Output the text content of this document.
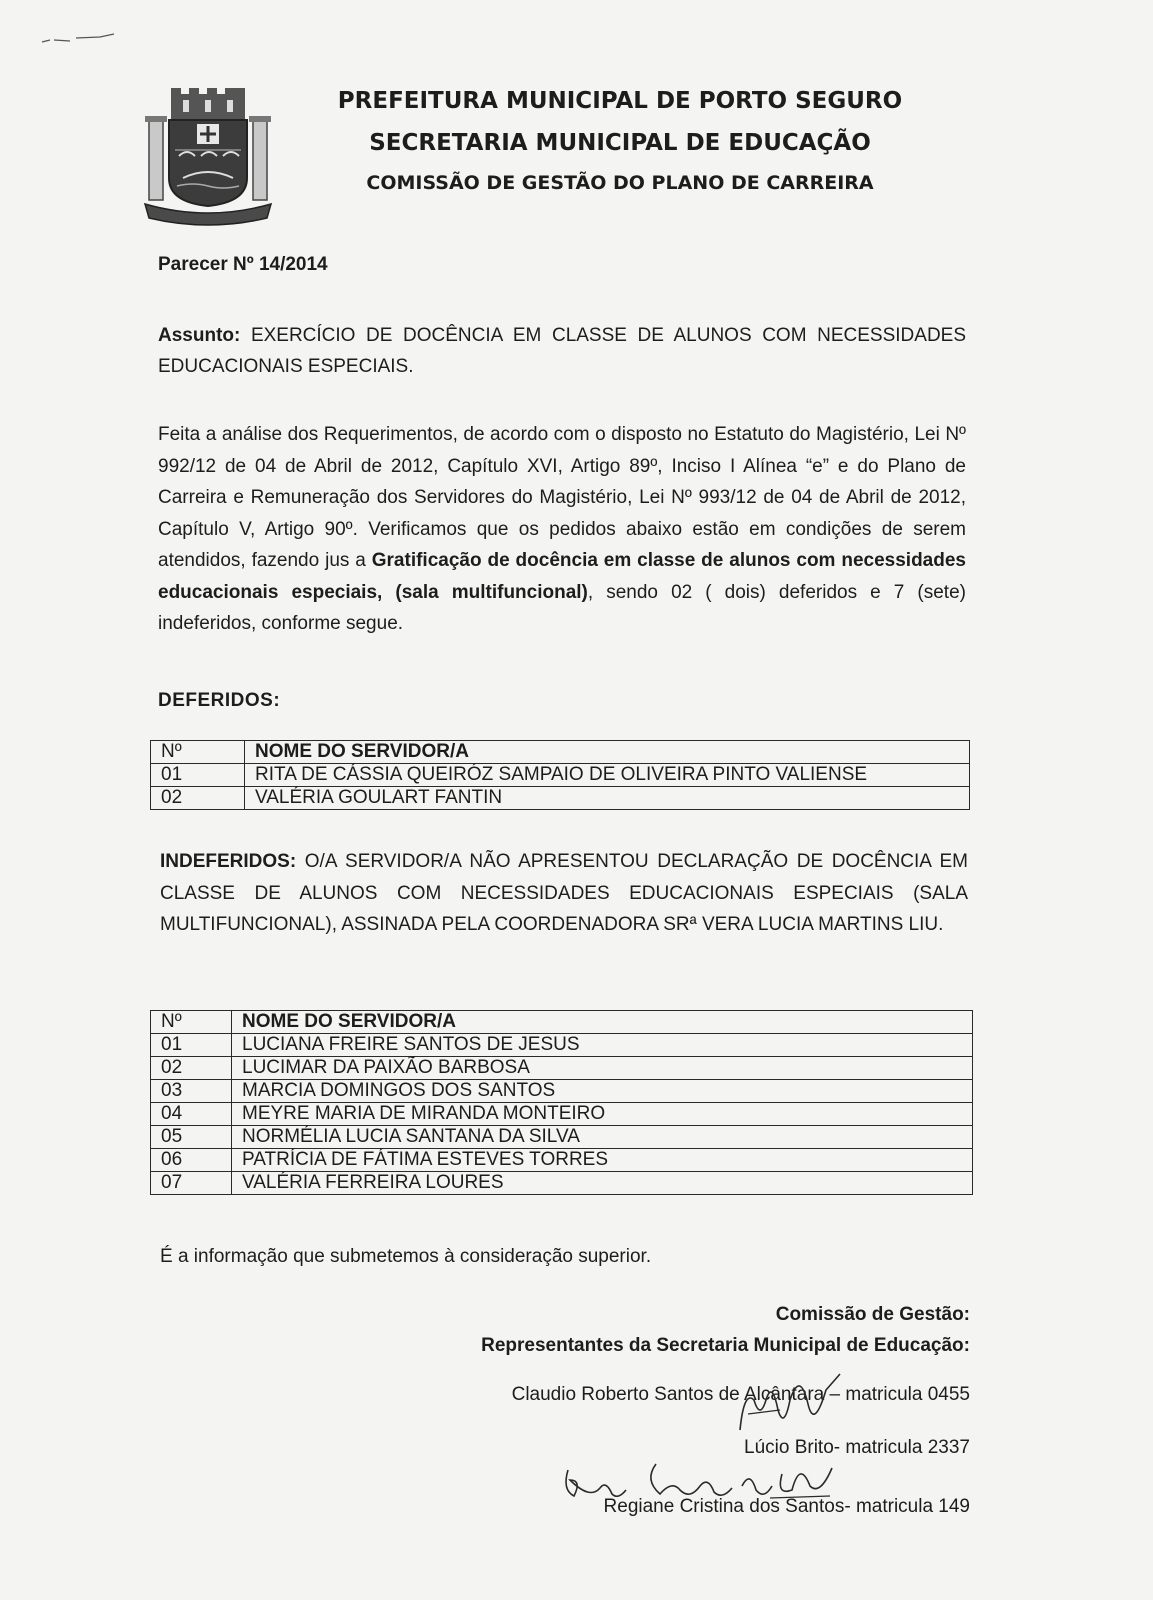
PREFEITURA MUNICIPAL DE PORTO SEGURO

SECRETARIA MUNICIPAL DE EDUCAÇÃO

COMISSÃO DE GESTÃO DO PLANO DE CARREIRA

Parecer Nº 14/2014
Assunto: EXERCÍCIO DE DOCÊNCIA EM CLASSE DE ALUNOS COM NECESSIDADES EDUCACIONAIS ESPECIAIS.
Feita a análise dos Requerimentos, de acordo com o disposto no Estatuto do Magistério, Lei Nº 992/12 de 04 de Abril de 2012, Capítulo XVI, Artigo 89º, Inciso I Alínea “e” e do Plano de Carreira e Remuneração dos Servidores do Magistério, Lei Nº 993/12 de 04 de Abril de 2012, Capítulo V, Artigo 90º. Verificamos que os pedidos abaixo estão em condições de serem atendidos, fazendo jus a Gratificação de docência em classe de alunos com necessidades educacionais especiais, (sala multifuncional), sendo 02 ( dois) deferidos e 7 (sete) indeferidos, conforme segue.
DEFERIDOS:
Nº	NOME DO SERVIDOR/A
01	RITA DE CÁSSIA QUEIRÓZ SAMPAIO DE OLIVEIRA PINTO VALIENSE
02	VALÉRIA GOULART FANTIN
INDEFERIDOS: O/A SERVIDOR/A NÃO APRESENTOU DECLARAÇÃO DE DOCÊNCIA EM CLASSE DE ALUNOS COM NECESSIDADES EDUCACIONAIS ESPECIAIS (SALA MULTIFUNCIONAL), ASSINADA PELA COORDENADORA SRª VERA LUCIA MARTINS LIU.
Nº	NOME DO SERVIDOR/A
01	LUCIANA FREIRE SANTOS DE JESUS
02	LUCIMAR DA PAIXÃO BARBOSA
03	MARCIA DOMINGOS DOS SANTOS
04	MEYRE MARIA DE MIRANDA MONTEIRO
05	NORMÉLIA LUCIA SANTANA DA SILVA
06	PATRÍCIA DE FÁTIMA ESTEVES TORRES
07	VALÉRIA FERREIRA LOURES
É a informação que submetemos à consideração superior.
Comissão de Gestão:
Representantes da Secretaria Municipal de Educação:
Claudio Roberto Santos de Alcântara – matricula 0455
Lúcio Brito- matricula 2337
Regiane Cristina dos Santos- matricula 149
